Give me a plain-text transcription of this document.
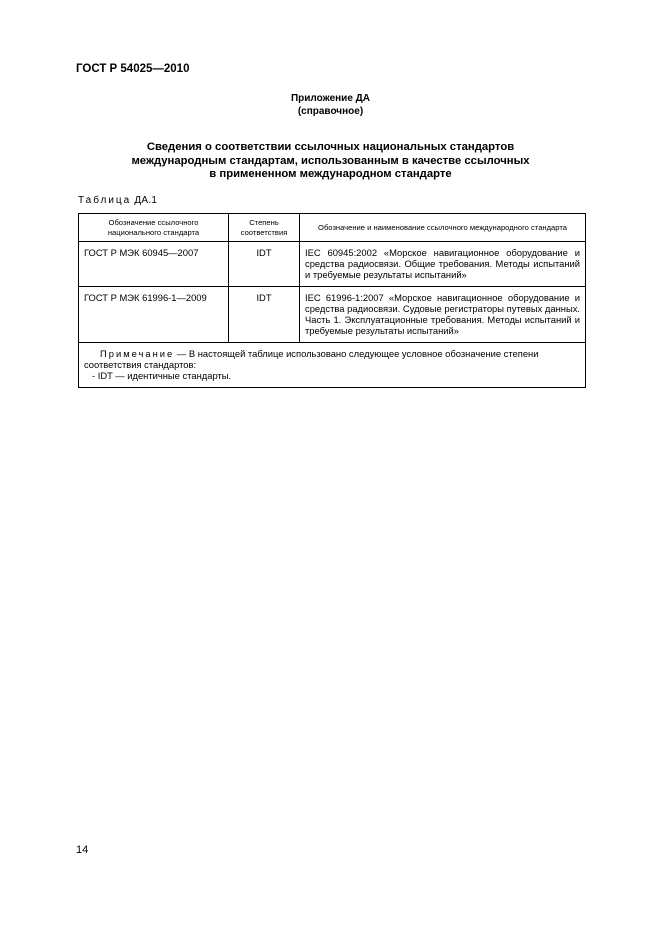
ГОСТ Р 54025—2010
Приложение ДА
(справочное)
Сведения о соответствии ссылочных национальных стандартов
международным стандартам, использованным в качестве ссылочных
в примененном международном стандарте
Таблица ДА.1
Обозначение ссылочного национального стандарта	Степень соответствия	Обозначение и наименование ссылочного международного стандарта
ГОСТ Р МЭК 60945—2007	IDT	IEC 60945:2002 «Морское навигационное оборудование и средства радиосвязи. Общие требования. Методы испытаний и требуемые результаты испытаний»
ГОСТ Р МЭК 61996-1—2009	IDT	IEC 61996-1:2007 «Морское навигационное оборудование и средства радиосвязи. Судовые регистраторы путевых данных. Часть 1. Эксплуатационные требования. Методы испытаний и требуемые результаты испытаний»

Примечание — В настоящей таблице использовано следующее условное обозначение степени соответствия стандартов:
- IDT — идентичные стандарты.		
14
